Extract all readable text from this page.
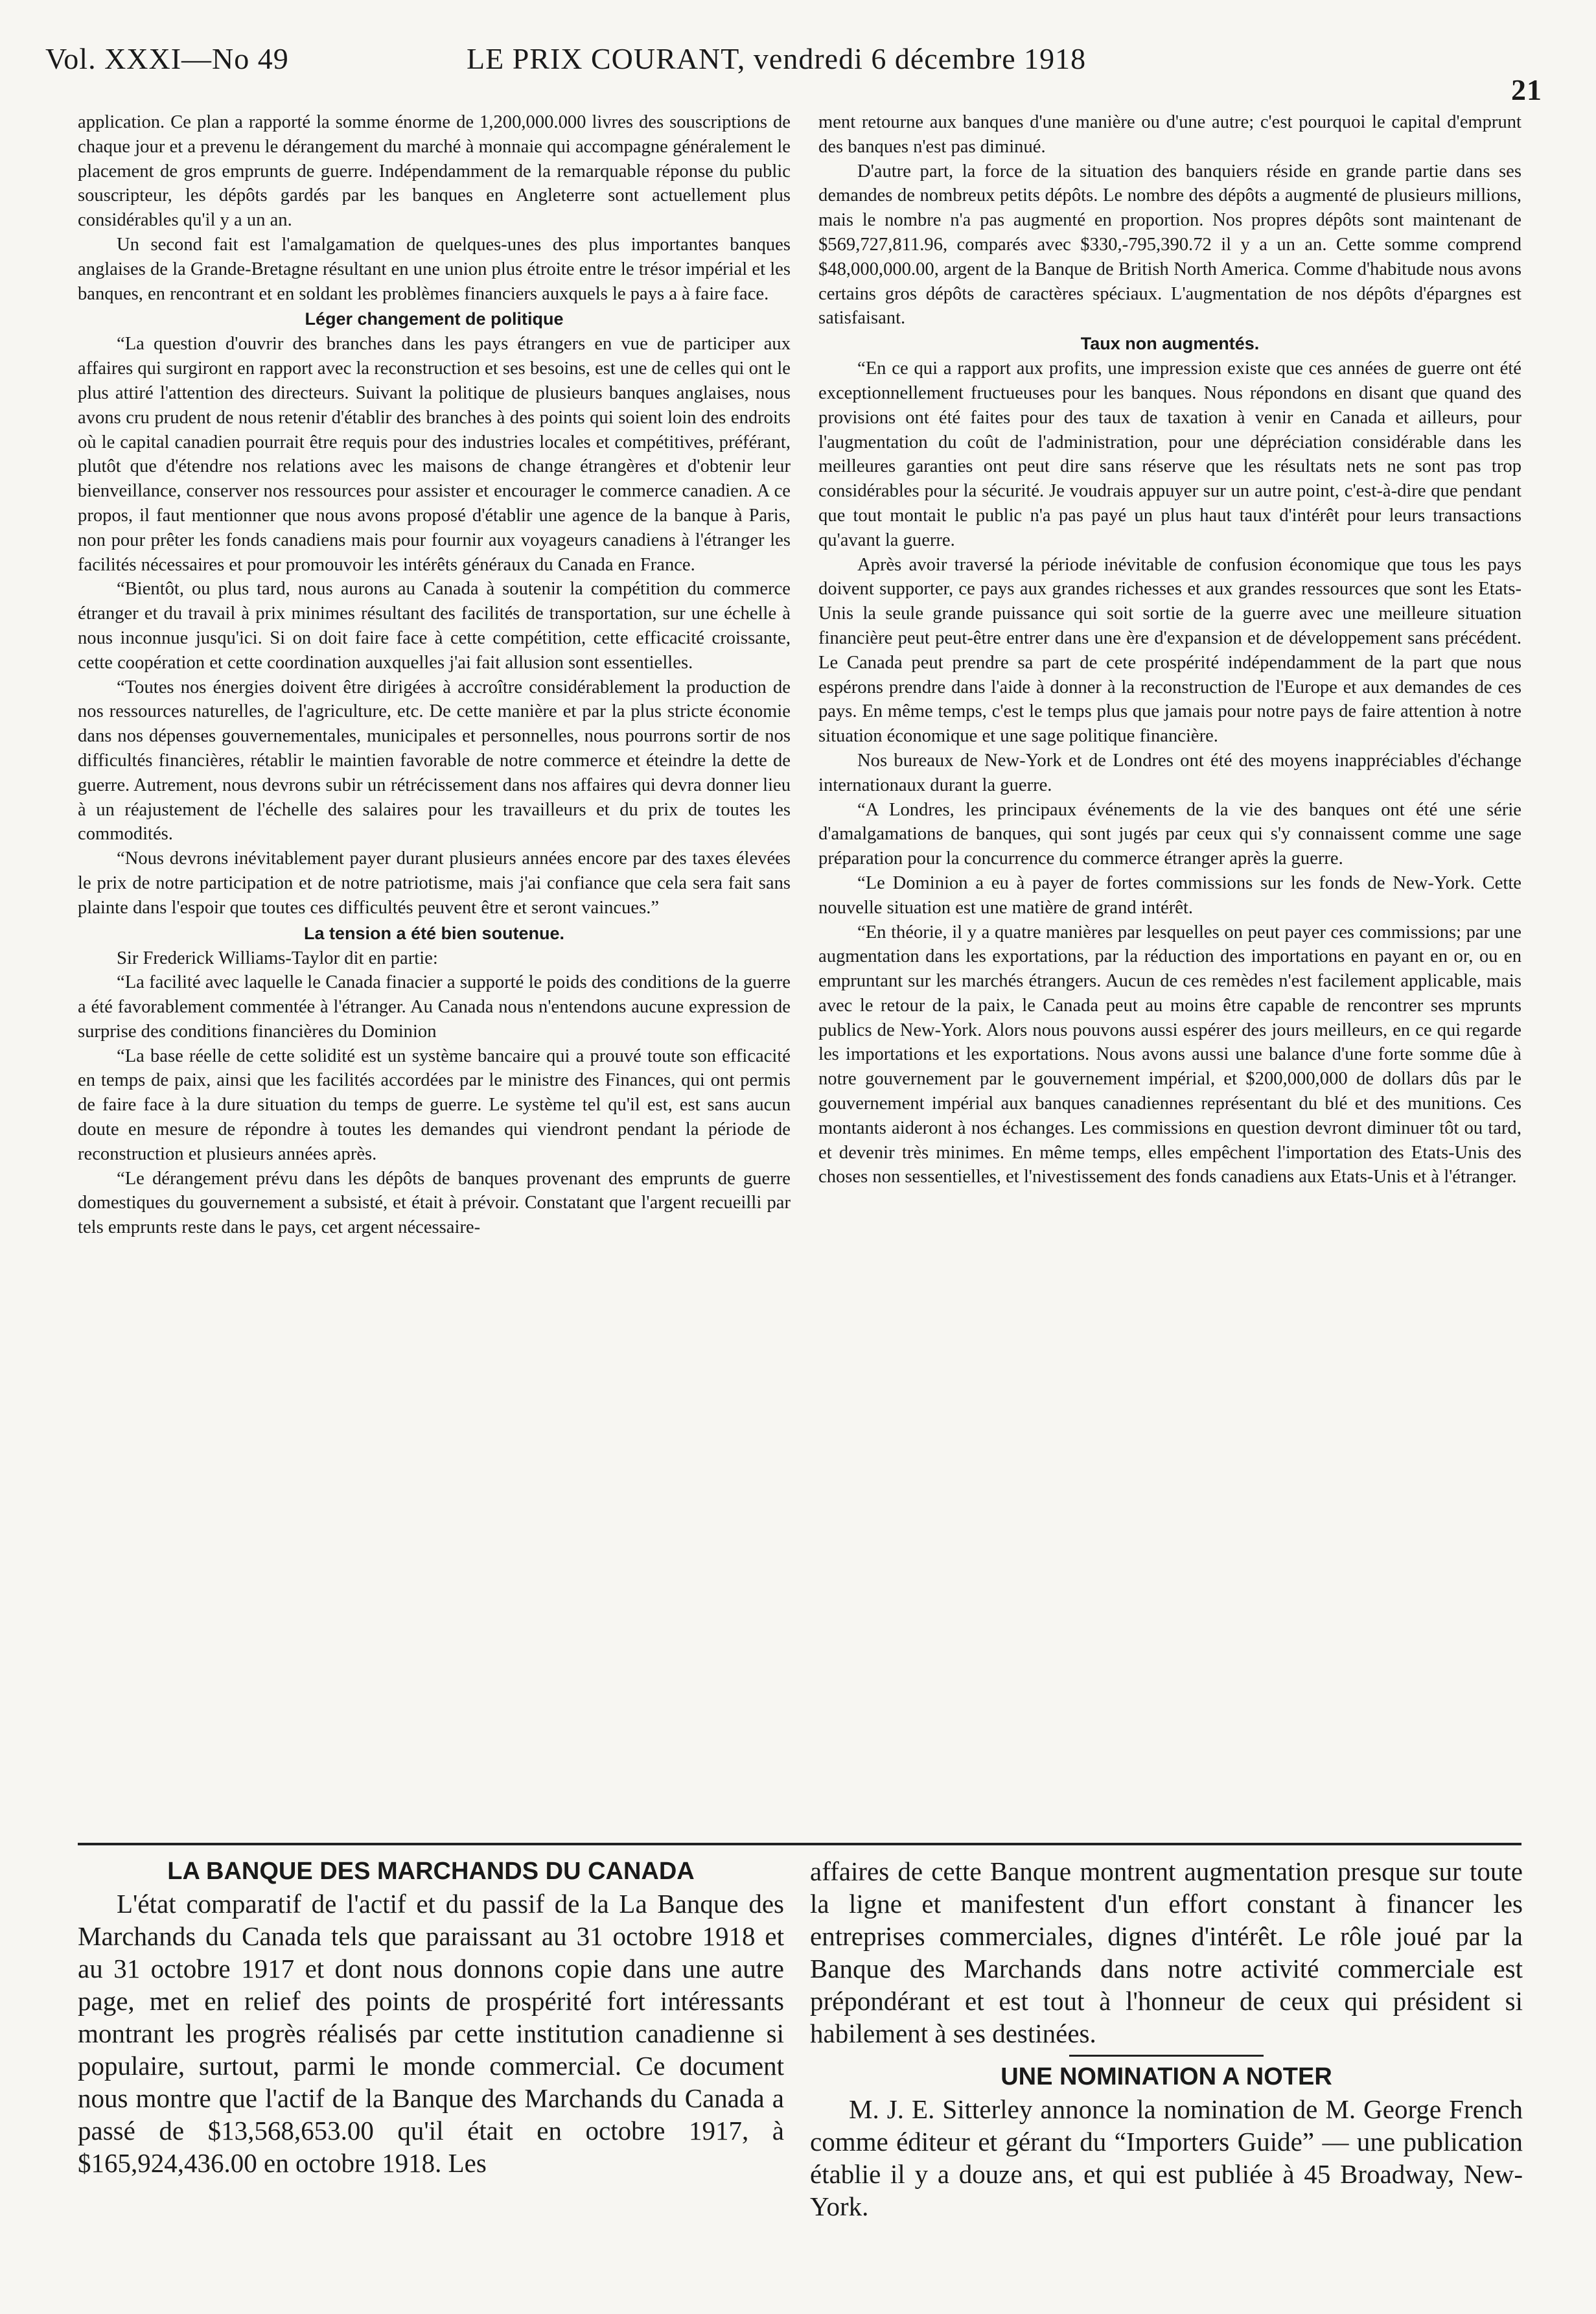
Vol. XXXI—No 49	LE PRIX COURANT, vendredi 6 décembre 1918
21

application. Ce plan a rapporté la somme énorme de 1,200,000.000 livres des souscriptions de chaque jour et a prevenu le dérangement du marché à monnaie qui accompagne généralement le placement de gros emprunts de guerre. Indépendamment de la remarquable réponse du public souscripteur, les dépôts gardés par les banques en Angleterre sont actuellement plus considérables qu'il y a un an.

Un second fait est l'amalgamation de quelques-unes des plus importantes banques anglaises de la Grande-Bretagne résultant en une union plus étroite entre le trésor impérial et les banques, en rencontrant et en soldant les problèmes financiers auxquels le pays a à faire face.

Léger changement de politique

“La question d'ouvrir des branches dans les pays étrangers en vue de participer aux affaires qui surgiront en rapport avec la reconstruction et ses besoins, est une de celles qui ont le plus attiré l'attention des directeurs. Suivant la politique de plusieurs banques anglaises, nous avons cru prudent de nous retenir d'établir des branches à des points qui soient loin des endroits où le capital canadien pourrait être requis pour des industries locales et compétitives, préférant, plutôt que d'étendre nos relations avec les maisons de change étrangères et d'obtenir leur bienveillance, conserver nos ressources pour assister et encourager le commerce canadien. A ce propos, il faut mentionner que nous avons proposé d'établir une agence de la banque à Paris, non pour prêter les fonds canadiens mais pour fournir aux voyageurs canadiens à l'étranger les facilités nécessaires et pour promouvoir les intérêts généraux du Canada en France.

“Bientôt, ou plus tard, nous aurons au Canada à soutenir la compétition du commerce étranger et du travail à prix minimes résultant des facilités de transportation, sur une échelle à nous inconnue jusqu'ici. Si on doit faire face à cette compétition, cette efficacité croissante, cette coopération et cette coordination auxquelles j'ai fait allusion sont essentielles.

“Toutes nos énergies doivent être dirigées à accroître considérablement la production de nos ressources naturelles, de l'agriculture, etc. De cette manière et par la plus stricte économie dans nos dépenses gouvernementales, municipales et personnelles, nous pourrons sortir de nos difficultés financières, rétablir le maintien favorable de notre commerce et éteindre la dette de guerre. Autrement, nous devrons subir un rétrécissement dans nos affaires qui devra donner lieu à un réajustement de l'échelle des salaires pour les travailleurs et du prix de toutes les commodités.

“Nous devrons inévitablement payer durant plusieurs années encore par des taxes élevées le prix de notre participation et de notre patriotisme, mais j'ai confiance que cela sera fait sans plainte dans l'espoir que toutes ces difficultés peuvent être et seront vaincues.”

La tension a été bien soutenue.

Sir Frederick Williams-Taylor dit en partie:

“La facilité avec laquelle le Canada finacier a supporté le poids des conditions de la guerre a été favorablement commentée à l'étranger. Au Canada nous n'entendons aucune expression de surprise des conditions financières du Dominion

“La base réelle de cette solidité est un système bancaire qui a prouvé toute son efficacité en temps de paix, ainsi que les facilités accordées par le ministre des Finances, qui ont permis de faire face à la dure situation du temps de guerre. Le système tel qu'il est, est sans aucun doute en mesure de répondre à toutes les demandes qui viendront pendant la période de reconstruction et plusieurs années après.

“Le dérangement prévu dans les dépôts de banques provenant des emprunts de guerre domestiques du gouvernement a subsisté, et était à prévoir. Constatant que l'argent recueilli par tels emprunts reste dans le pays, cet argent nécessaire-

ment retourne aux banques d'une manière ou d'une autre; c'est pourquoi le capital d'emprunt des banques n'est pas diminué.

D'autre part, la force de la situation des banquiers réside en grande partie dans ses demandes de nombreux petits dépôts. Le nombre des dépôts a augmenté de plusieurs millions, mais le nombre n'a pas augmenté en proportion. Nos propres dépôts sont maintenant de $569,727,811.96, comparés avec $330,-795,390.72 il y a un an. Cette somme comprend $48,000,000.00, argent de la Banque de British North America. Comme d'habitude nous avons certains gros dépôts de caractères spéciaux. L'augmentation de nos dépôts d'épargnes est satisfaisant.

Taux non augmentés.

“En ce qui a rapport aux profits, une impression existe que ces années de guerre ont été exceptionnellement fructueuses pour les banques. Nous répondons en disant que quand des provisions ont été faites pour des taux de taxation à venir en Canada et ailleurs, pour l'augmentation du coût de l'administration, pour une dépréciation considérable dans les meilleures garanties ont peut dire sans réserve que les résultats nets ne sont pas trop considérables pour la sécurité. Je voudrais appuyer sur un autre point, c'est-à-dire que pendant que tout montait le public n'a pas payé un plus haut taux d'intérêt pour leurs transactions qu'avant la guerre.

Après avoir traversé la période inévitable de confusion économique que tous les pays doivent supporter, ce pays aux grandes richesses et aux grandes ressources que sont les Etats-Unis la seule grande puissance qui soit sortie de la guerre avec une meilleure situation financière peut peut-être entrer dans une ère d'expansion et de développement sans précédent. Le Canada peut prendre sa part de cete prospérité indépendamment de la part que nous espérons prendre dans l'aide à donner à la reconstruction de l'Europe et aux demandes de ces pays. En même temps, c'est le temps plus que jamais pour notre pays de faire attention à notre situation économique et une sage politique financière.

Nos bureaux de New-York et de Londres ont été des moyens inappréciables d'échange internationaux durant la guerre.

“A Londres, les principaux événements de la vie des banques ont été une série d'amalgamations de banques, qui sont jugés par ceux qui s'y connaissent comme une sage préparation pour la concurrence du commerce étranger après la guerre.

“Le Dominion a eu à payer de fortes commissions sur les fonds de New-York. Cette nouvelle situation est une matière de grand intérêt.

“En théorie, il y a quatre manières par lesquelles on peut payer ces commissions; par une augmentation dans les exportations, par la réduction des importations en payant en or, ou en empruntant sur les marchés étrangers. Aucun de ces remèdes n'est facilement applicable, mais avec le retour de la paix, le Canada peut au moins être capable de rencontrer ses mprunts publics de New-York. Alors nous pouvons aussi espérer des jours meilleurs, en ce qui regarde les importations et les exportations. Nous avons aussi une balance d'une forte somme dûe à notre gouvernement par le gouvernement impérial, et $200,000,000 de dollars dûs par le gouvernement impérial aux banques canadiennes représentant du blé et des munitions. Ces montants aideront à nos échanges. Les commissions en question devront diminuer tôt ou tard, et devenir très minimes. En même temps, elles empêchent l'importation des Etats-Unis des choses non sessentielles, et l'nivestissement des fonds canadiens aux Etats-Unis et à l'étranger.

LA BANQUE DES MARCHANDS DU CANADA

L'état comparatif de l'actif et du passif de la La Banque des Marchands du Canada tels que paraissant au 31 octobre 1918 et au 31 octobre 1917 et dont nous donnons copie dans une autre page, met en relief des points de prospérité fort intéressants montrant les progrès réalisés par cette institution canadienne si populaire, surtout, parmi le monde commercial. Ce document nous montre que l'actif de la Banque des Marchands du Canada a passé de $13,568,653.00 qu'il était en octobre 1917, à $165,924,436.00 en octobre 1918. Les

affaires de cette Banque montrent augmentation presque sur toute la ligne et manifestent d'un effort constant à financer les entreprises commerciales, dignes d'intérêt. Le rôle joué par la Banque des Marchands dans notre activité commerciale est prépondérant et est tout à l'honneur de ceux qui président si habilement à ses destinées.

UNE NOMINATION A NOTER

M. J. E. Sitterley annonce la nomination de M. George French comme éditeur et gérant du “Importers Guide” — une publication établie il y a douze ans, et qui est publiée à 45 Broadway, New-York.
